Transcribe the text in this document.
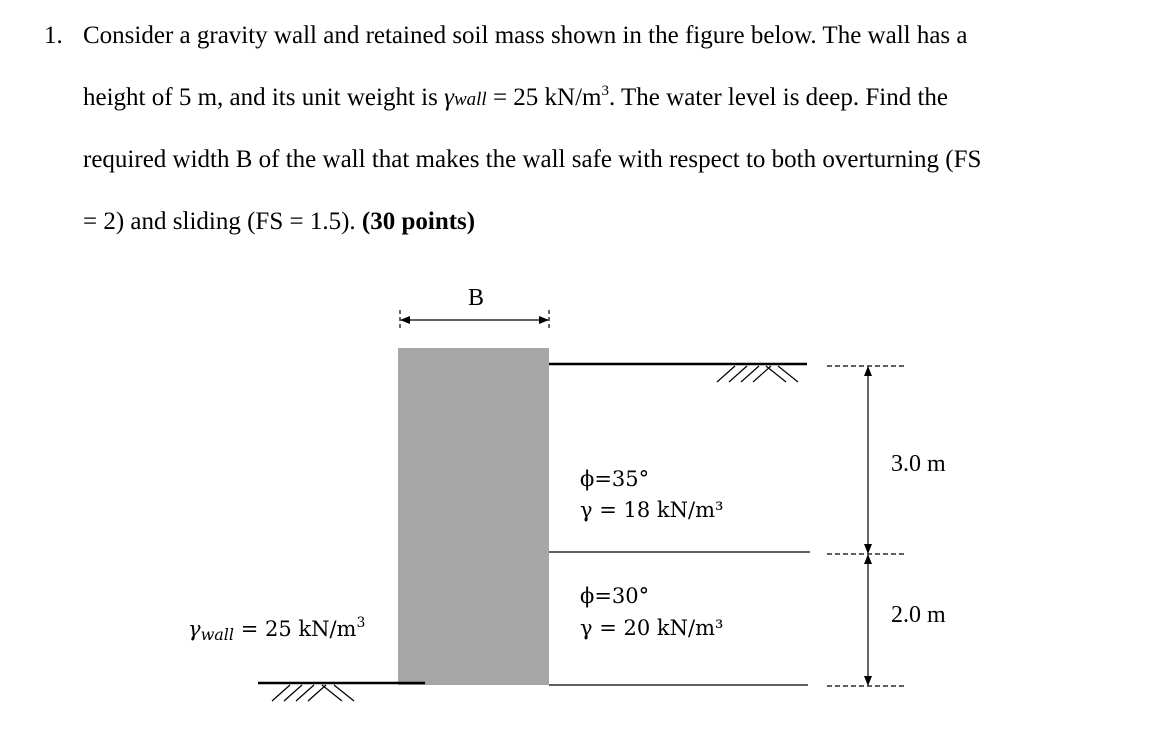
1. Consider a gravity wall and retained soil mass shown in the figure below. The wall has a
height of 5 m, and its unit weight is γwall = 25 $kN/m^3$. The water level is deep. Find the
required width B of the wall that makes the wall safe with respect to both overturning (FS
= 2) and sliding (FS = 1.5). (30 points)
B
3.0 m
2.0 m
ϕ=35°
γ = 18 kN/m³
ϕ=30°
γ = 20 kN/m³
γwall = 25 $kN/m^3$
